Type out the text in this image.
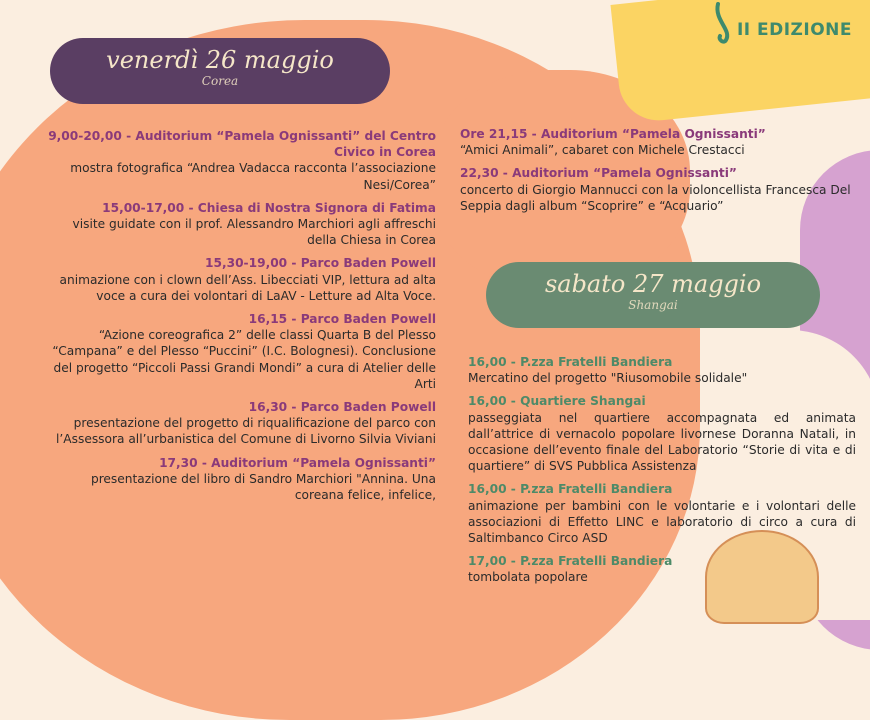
II EDIZIONE
venerdì 26 maggio
Corea
sabato 27 maggio
Shangai
9,00-20,00 - Auditorium “Pamela Ognissanti” del Centro Civico in Corea
mostra fotografica “Andrea Vadacca racconta l’associazione Nesi/Corea”
15,00-17,00 - Chiesa di Nostra Signora di Fatima
visite guidate con il prof. Alessandro Marchiori agli affreschi della Chiesa in Corea
15,30-19,00 - Parco Baden Powell
animazione con i clown dell’Ass. Libecciati VIP, lettura ad alta voce a cura dei volontari di LaAV - Letture ad Alta Voce.
16,15 - Parco Baden Powell
“Azione coreografica 2” delle classi Quarta B del Plesso “Campana” e del Plesso “Puccini” (I.C. Bolognesi). Conclusione del progetto “Piccoli Passi Grandi Mondi” a cura di Atelier delle Arti
16,30 - Parco Baden Powell
presentazione del progetto di riqualificazione del parco con l’Assessora all’urbanistica del Comune di Livorno Silvia Viviani
17,30 - Auditorium “Pamela Ognissanti”
presentazione del libro di Sandro Marchiori "Annina. Una coreana felice, infelice,
Ore 21,15 - Auditorium “Pamela Ognissanti”
“Amici Animali”, cabaret con Michele Crestacci
22,30 - Auditorium “Pamela Ognissanti”
concerto di Giorgio Mannucci con la violoncellista Francesca Del Seppia dagli album “Scoprire” e “Acquario”
16,00 - P.zza Fratelli Bandiera
Mercatino del progetto "Riusomobile solidale"
16,00 - Quartiere Shangai
passeggiata nel quartiere accompagnata ed animata dall’attrice di vernacolo popolare livornese Doranna Natali, in occasione dell’evento finale del Laboratorio “Storie di vita e di quartiere” di SVS Pubblica Assistenza
16,00 - P.zza Fratelli Bandiera
animazione per bambini con le volontarie e i volontari delle associazioni di Effetto LINC e laboratorio di circo a cura di Saltimbanco Circo ASD
17,00 - P.zza Fratelli Bandiera
tombolata popolare
